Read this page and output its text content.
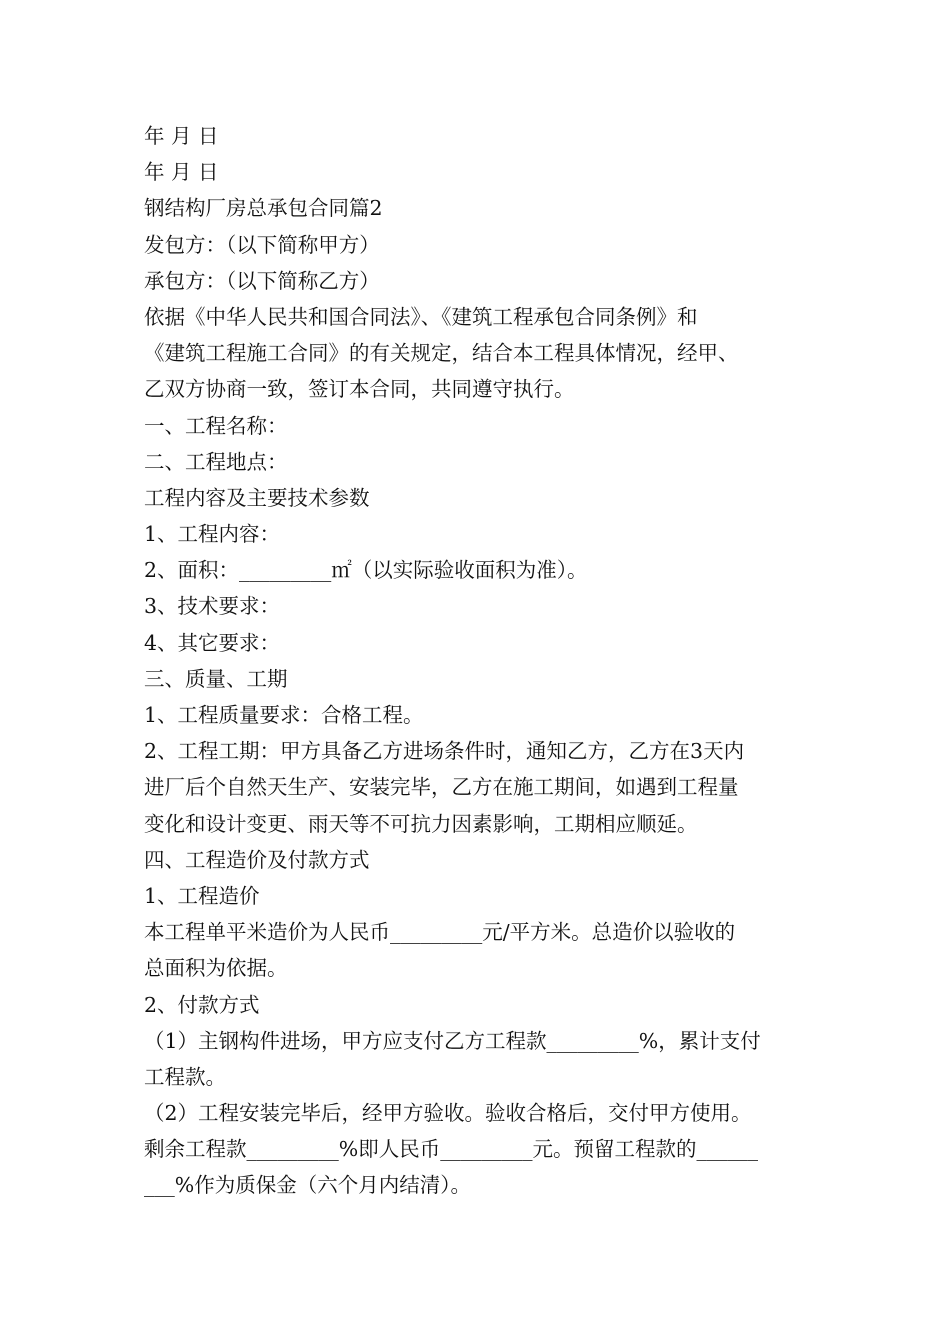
年 月 日
年 月 日
钢结构厂房总承包合同篇2
发包方：（以下简称甲方）
承包方：（以下简称乙方）
依据《中华人民共和国合同法》、《建筑工程承包合同条例》和
《建筑工程施工合同》的有关规定，结合本工程具体情况，经甲、
乙双方协商一致，签订本合同，共同遵守执行。
一、工程名称：
二、工程地点：
工程内容及主要技术参数
1、工程内容：
2、面积：_________㎡（以实际验收面积为准）。
3、技术要求：
4、其它要求：
三、质量、工期
1、工程质量要求：合格工程。
2、工程工期：甲方具备乙方进场条件时，通知乙方，乙方在3天内
进厂后个自然天生产、安装完毕，乙方在施工期间，如遇到工程量
变化和设计变更、雨天等不可抗力因素影响，工期相应顺延。
四、工程造价及付款方式
1、工程造价
本工程单平米造价为人民币_________元/平方米。总造价以验收的
总面积为依据。
2、付款方式
（1）主钢构件进场，甲方应支付乙方工程款_________%，累计支付
工程款。
（2）工程安装完毕后，经甲方验收。验收合格后，交付甲方使用。
剩余工程款_________%即人民币_________元。预留工程款的______
___%作为质保金（六个月内结清）。
